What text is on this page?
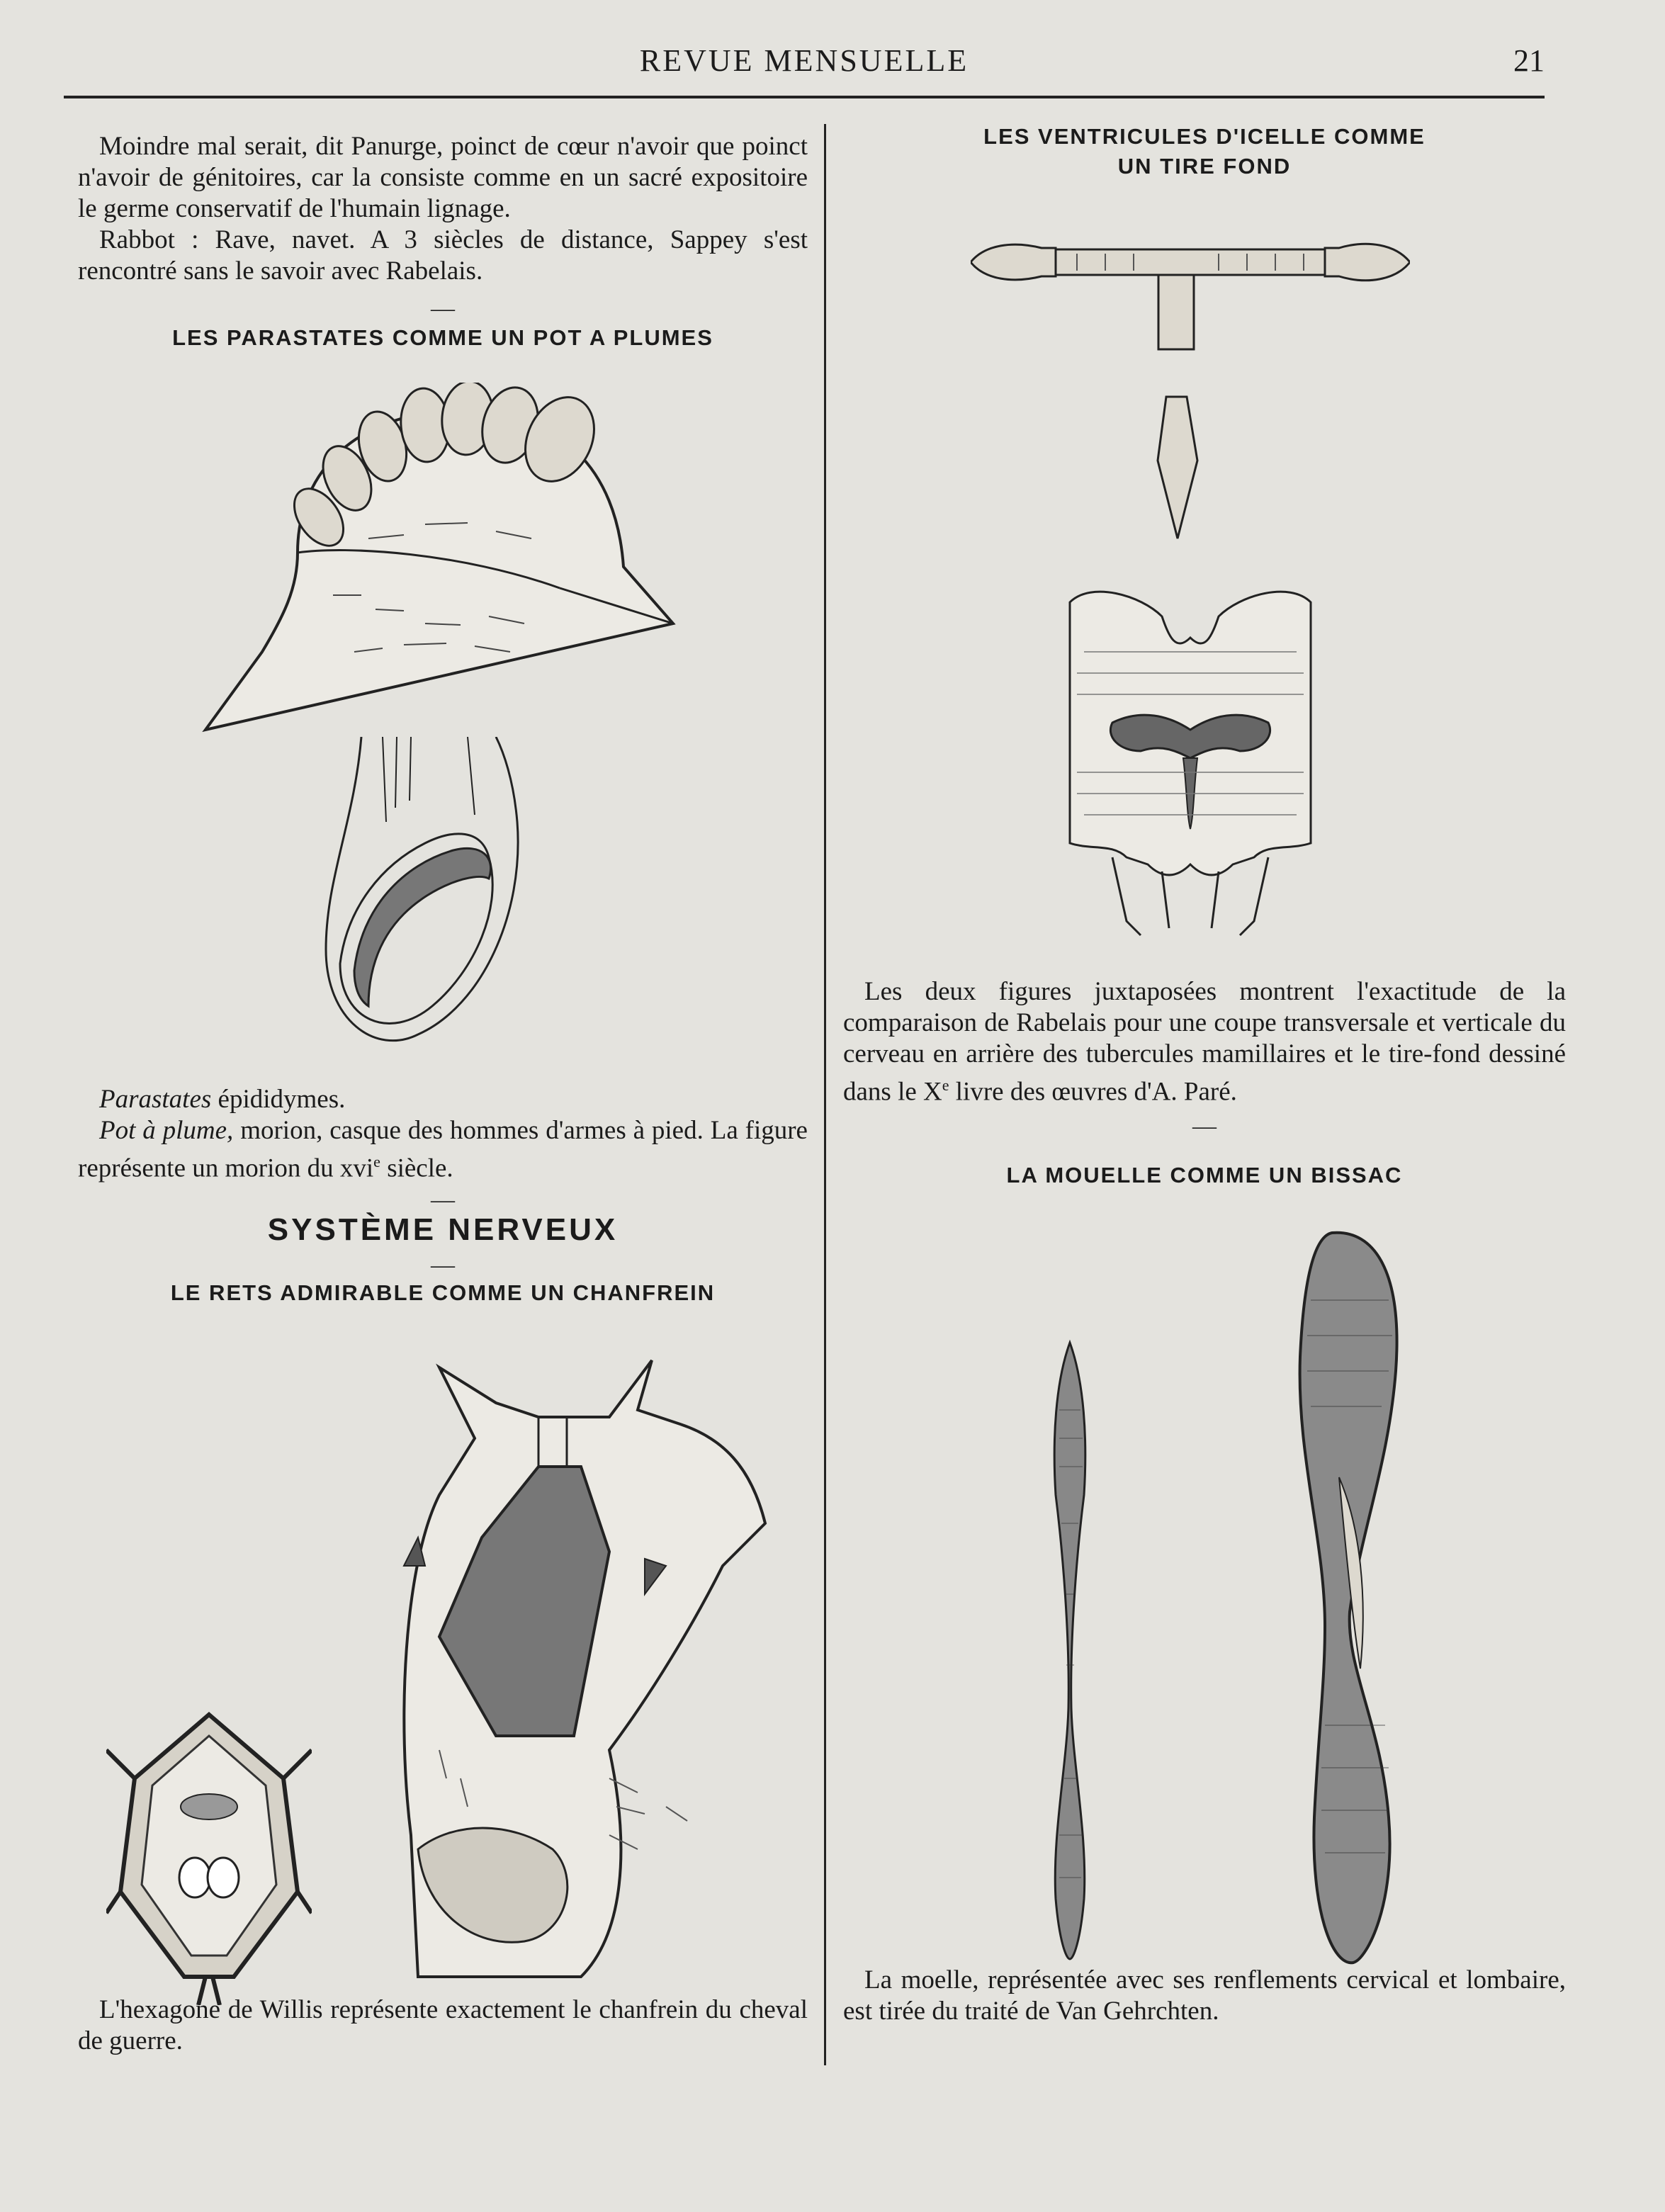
REVUE MENSUELLE	21

Moindre mal serait, dit Panurge, poinct de cœur n'avoir que poinct n'avoir de génitoires, car la consiste comme en un sacré expositoire le germe conservatif de l'humain lignage.

Rabbot : Rave, navet. A 3 siècles de distance, Sappey s'est rencontré sans le savoir avec Rabelais.

—
LES PARASTATES COMME UN POT A PLUMES

Parastates épididymes.

Pot à plume, morion, casque des hommes d'armes à pied. La figure représente un morion du xvi$^e$ siècle.

—
SYSTÈME NERVEUX
—
LE RETS ADMIRABLE COMME UN CHANFREIN

L'hexagone de Willis représente exactement le chanfrein du cheval de guerre.

LES VENTRICULES D'ICELLE COMME
UN TIRE FOND

Les deux figures juxtaposées montrent l'exactitude de la comparaison de Rabelais pour une coupe transversale et verticale du cerveau en arrière des tubercules mamillaires et le tire-fond dessiné dans le Xe livre des œuvres d'A. Paré.

—
LA MOUELLE COMME UN BISSAC

La moelle, représentée avec ses renflements cervical et lombaire, est tirée du traité de Van Gehrchten.
